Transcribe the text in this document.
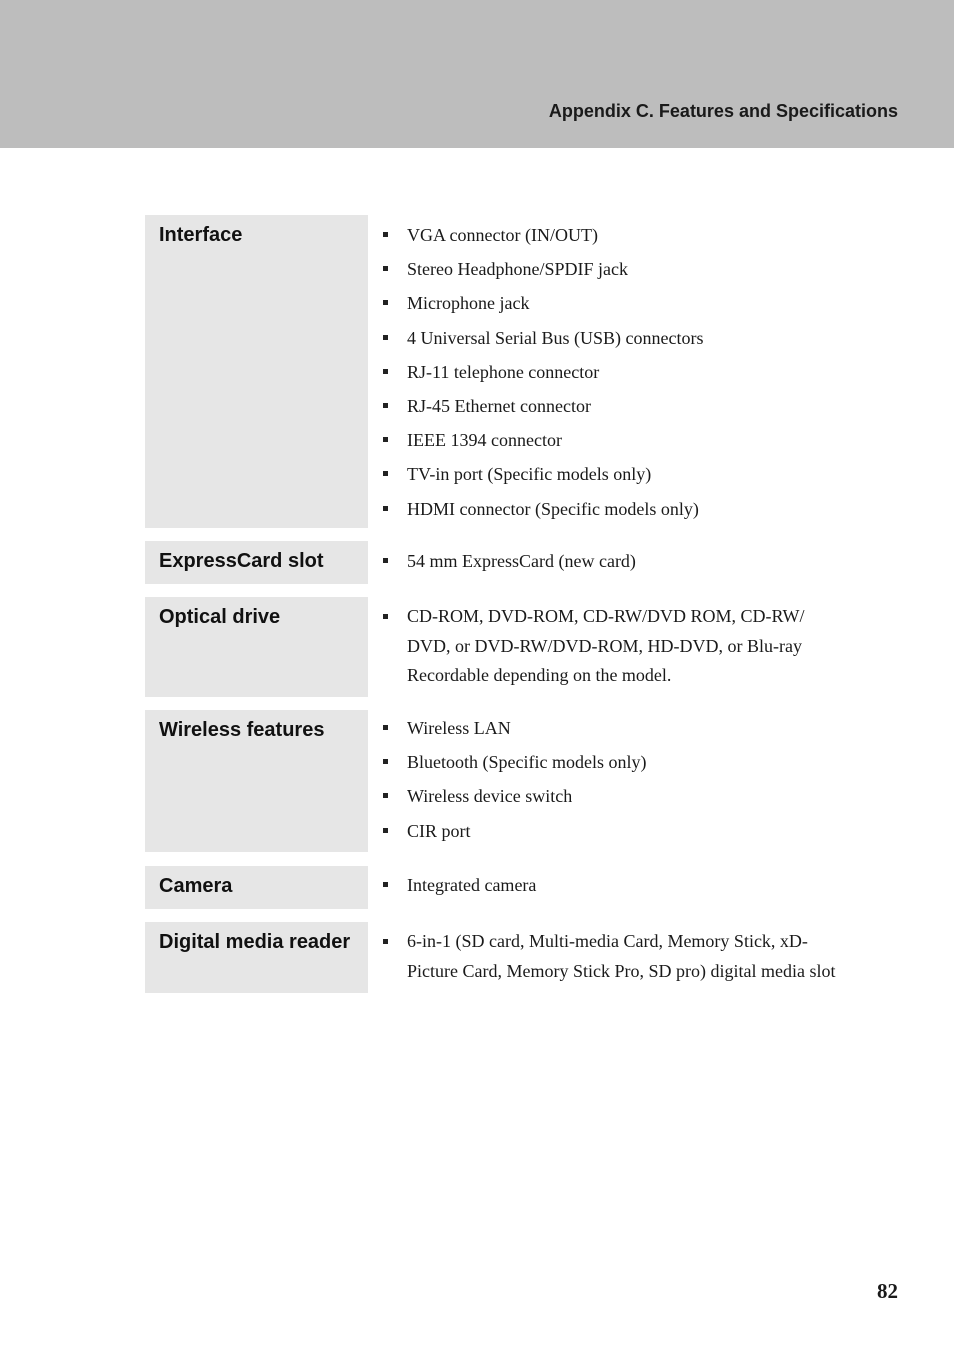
Appendix C. Features and Specifications
Interface	VGA connector (IN/OUT)
Stereo Headphone/SPDIF jack
Microphone jack
4 Universal Serial Bus (USB) connectors
RJ-11 telephone connector
RJ-45 Ethernet connector
IEEE 1394 connector
TV-in port (Specific models only)
HDMI connector (Specific models only)
ExpressCard slot	54 mm ExpressCard (new card)
Optical drive	CD-ROM, DVD-ROM, CD-RW/DVD ROM, CD-RW/
DVD, or DVD-RW/DVD-ROM, HD-DVD, or Blu-ray
Recordable depending on the model.
Wireless features	Wireless LAN
Bluetooth (Specific models only)
Wireless device switch
CIR port
Camera	Integrated camera
Digital media reader	6-in-1 (SD card, Multi-media Card, Memory Stick, xD-
Picture Card, Memory Stick Pro, SD pro) digital media slot
82
